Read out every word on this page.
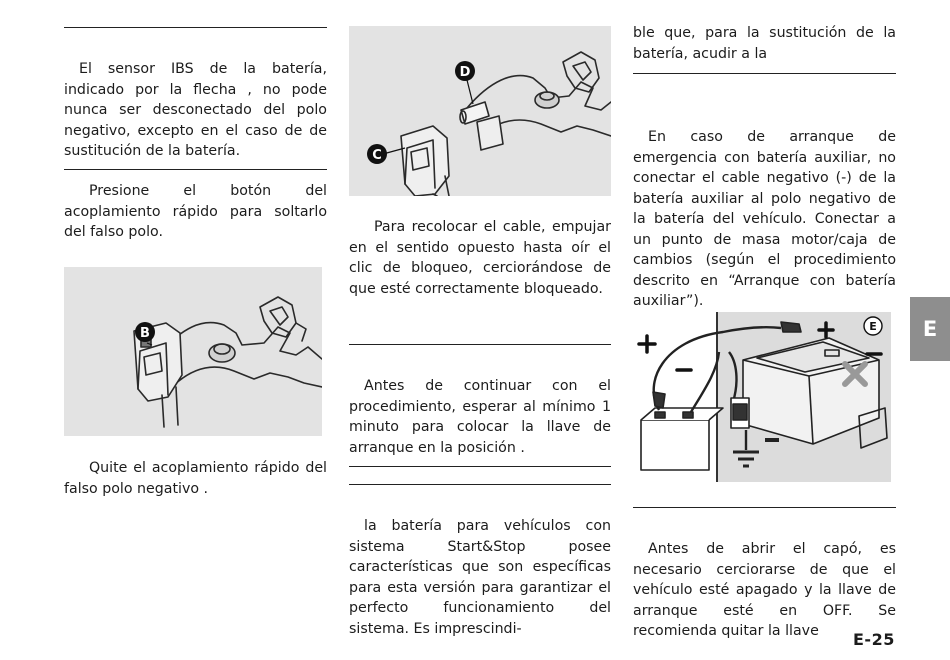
El sensor IBS de la batería, indicado por la flecha , no pode nunca ser desconectado del polo negativo, excepto en el caso de de sustitución de la batería.

Presione el botón del acoplamiento rápido para soltarlo del falso polo.

B

Quite el acoplamiento rápido del falso polo negativo .

D
C

Para recolocar el cable, empujar en el sentido opuesto hasta oír el clic de bloqueo, cerciorándose de que esté correctamente bloqueado.

Antes de continuar con el procedimiento, esperar al mínimo 1 minuto para colocar la llave de arranque en la posición .

la batería para vehículos con sistema Start&Stop posee características que son específicas para esta versión para garantizar el perfecto funcionamiento del sistema. Es imprescindi-

ble que, para la sustitución de la batería, acudir a la

En caso de arranque de emergencia con batería auxiliar, no conectar el cable negativo (-) de la batería auxiliar al polo negativo de la batería del vehículo. Conectar a un punto de masa motor/caja de cambios (según el procedimiento descrito en “Arranque con batería auxiliar”).

E

Antes de abrir el capó, es necesario cerciorarse de que el vehículo esté apagado y la llave de arranque esté en OFF. Se recomienda quitar la llave

E
E-25
